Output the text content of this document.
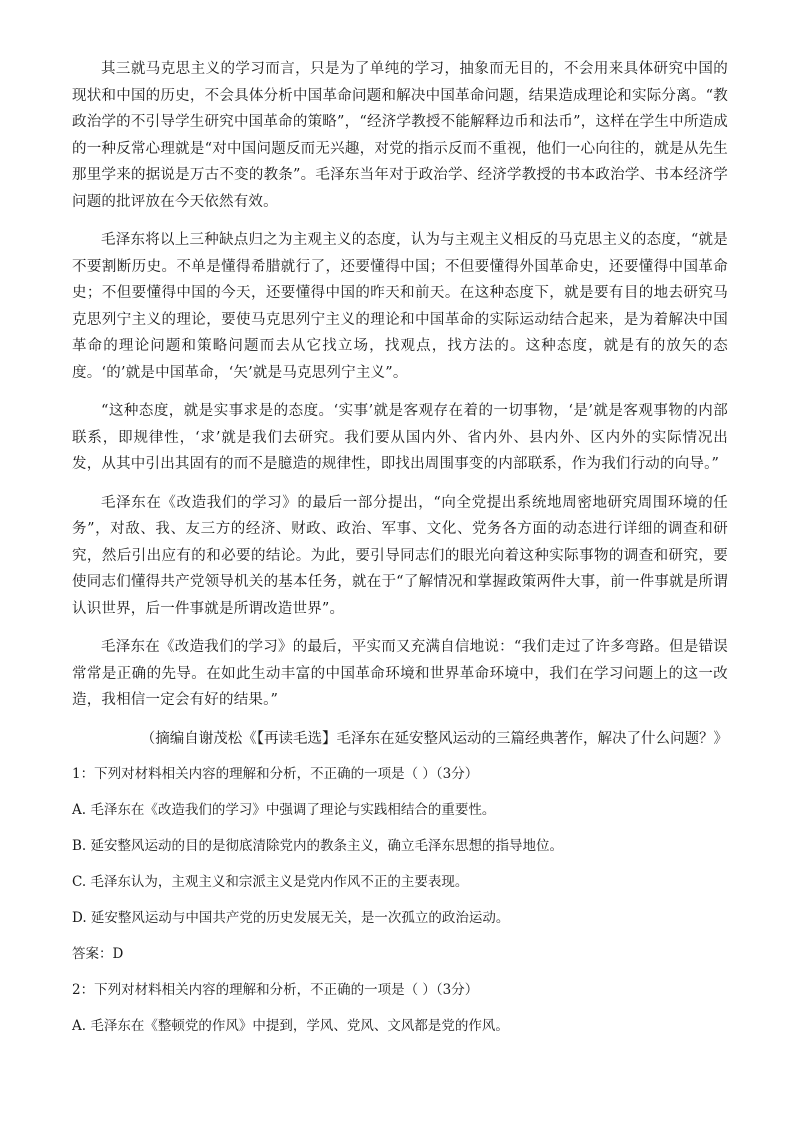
其三就马克思主义的学习而言，只是为了单纯的学习，抽象而无目的，不会用来具体研究中国的现状和中国的历史，不会具体分析中国革命问题和解决中国革命问题，结果造成理论和实际分离。“教政治学的不引导学生研究中国革命的策略”，“经济学教授不能解释边币和法币”，这样在学生中所造成的一种反常心理就是“对中国问题反而无兴趣，对党的指示反而不重视，他们一心向往的，就是从先生那里学来的据说是万古不变的教条”。毛泽东当年对于政治学、经济学教授的书本政治学、书本经济学问题的批评放在今天依然有效。

毛泽东将以上三种缺点归之为主观主义的态度，认为与主观主义相反的马克思主义的态度，“就是不要割断历史。不单是懂得希腊就行了，还要懂得中国；不但要懂得外国革命史，还要懂得中国革命史；不但要懂得中国的今天，还要懂得中国的昨天和前天。在这种态度下，就是要有目的地去研究马克思列宁主义的理论，要使马克思列宁主义的理论和中国革命的实际运动结合起来，是为着解决中国革命的理论问题和策略问题而去从它找立场，找观点，找方法的。这种态度，就是有的放矢的态度。‘的’就是中国革命，‘矢’就是马克思列宁主义”。

“这种态度，就是实事求是的态度。‘实事’就是客观存在着的一切事物，‘是’就是客观事物的内部联系，即规律性，‘求’就是我们去研究。我们要从国内外、省内外、县内外、区内外的实际情况出发，从其中引出其固有的而不是臆造的规律性，即找出周围事变的内部联系，作为我们行动的向导。”

毛泽东在《改造我们的学习》的最后一部分提出，“向全党提出系统地周密地研究周围环境的任务”，对敌、我、友三方的经济、财政、政治、军事、文化、党务各方面的动态进行详细的调查和研究，然后引出应有的和必要的结论。为此，要引导同志们的眼光向着这种实际事物的调查和研究，要使同志们懂得共产党领导机关的基本任务，就在于“了解情况和掌握政策两件大事，前一件事就是所谓认识世界，后一件事就是所谓改造世界”。

毛泽东在《改造我们的学习》的最后，平实而又充满自信地说：“我们走过了许多弯路。但是错误常常是正确的先导。在如此生动丰富的中国革命环境和世界革命环境中，我们在学习问题上的这一改造，我相信一定会有好的结果。”

（摘编自谢茂松《【再读毛选】毛泽东在延安整风运动的三篇经典著作，解决了什么问题？》

1：下列对材料相关内容的理解和分析，不正确的一项是（ ）（3分）

A. 毛泽东在《改造我们的学习》中强调了理论与实践相结合的重要性。

B. 延安整风运动的目的是彻底清除党内的教条主义，确立毛泽东思想的指导地位。

C. 毛泽东认为，主观主义和宗派主义是党内作风不正的主要表现。

D. 延安整风运动与中国共产党的历史发展无关，是一次孤立的政治运动。

答案：D

2：下列对材料相关内容的理解和分析，不正确的一项是（ ）（3分）

A. 毛泽东在《整顿党的作风》中提到，学风、党风、文风都是党的作风。
